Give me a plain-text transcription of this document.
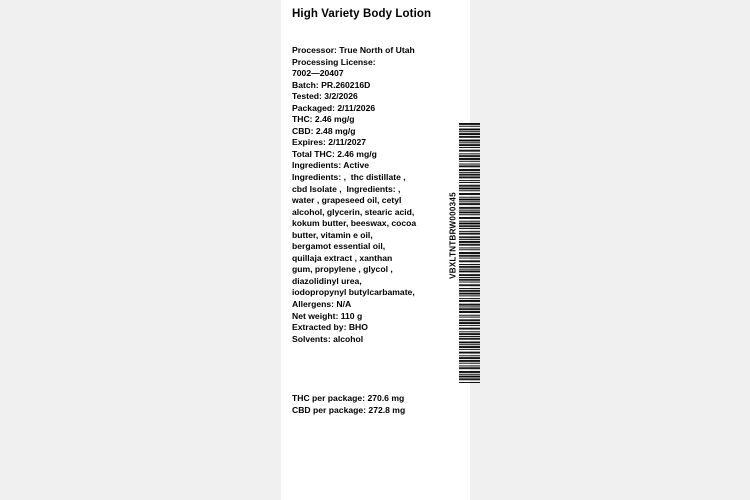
High Variety Body Lotion
Processor: True North of Utah
Processing License:
7002—20407
Batch: PR.260216D
Tested: 3/2/2026
Packaged: 2/11/2026
THC: 2.46 mg/g
CBD: 2.48 mg/g
Expires: 2/11/2027
Total THC: 2.46 mg/g
Ingredients: Active
Ingredients: ,  thc distillate ,
cbd Isolate ,  Ingredients: ,
water , grapeseed oil, cetyl
alcohol, glycerin, stearic acid,
kokum butter, beeswax, cocoa
butter, vitamin e oil,
bergamot essential oil,
quillaja extract , xanthan
gum, propylene , glycol ,
diazolidinyl urea,
iodopropynyl butylcarbamate,
Allergens: N/A
Net weight: 110 g
Extracted by: BHO
Solvents: alcohol
VBXLTNTBRW000345
THC per package: 270.6 mg
CBD per package: 272.8 mg
